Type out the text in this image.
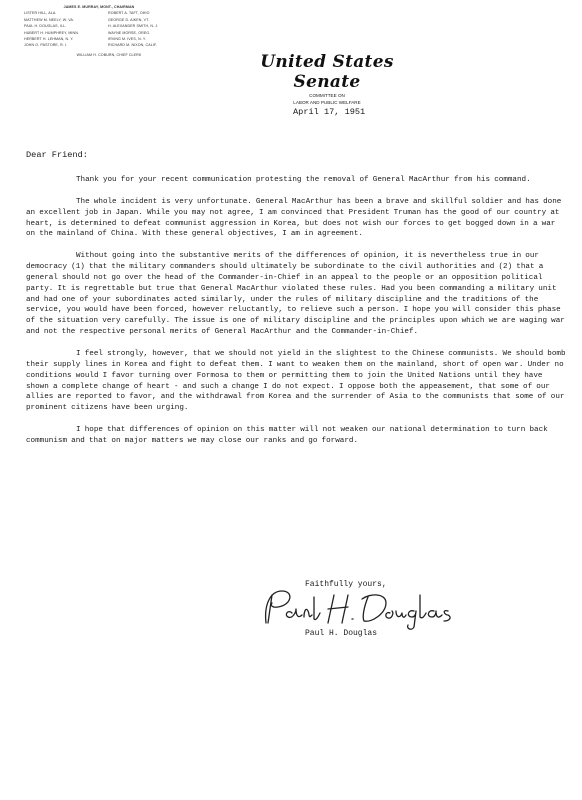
JAMES E. MURRAY, MONT., CHAIRMAN
LISTER HILL, ALA.
MATTHEW M. NEELY, W. VA.
PAUL H. DOUGLAS, ILL.
HUBERT H. HUMPHREY, MINN.
HERBERT H. LEHMAN, N. Y.
JOHN O. PASTORE, R. I.
ROBERT A. TAFT, OHIO
GEORGE D. AIKEN, VT.
H. ALEXANDER SMITH, N. J.
WAYNE MORSE, OREG.
IRVING M. IVES, N. Y.
RICHARD M. NIXON, CALIF.
WILLIAM H. COBURN, CHIEF CLERK	United States Senate
COMMITTEE ON
LABOR AND PUBLIC WELFARE
April 17, 1951

Dear Friend:

Thank you for your recent communication protesting the removal of General MacArthur from his command.

The whole incident is very unfortunate. General MacArthur has been a brave and skillful soldier and has done an excellent job in Japan. While you may not agree, I am convinced that President Truman has the good of our country at heart, is determined to defeat communist aggression in Korea, but does not wish our forces to get bogged down in a war on the mainland of China. With these general objectives, I am in agreement.

Without going into the substantive merits of the differences of opinion, it is nevertheless true in our democracy (1) that the military commanders should ultimately be subordinate to the civil authorities and (2) that a general should not go over the head of the Commander-in-Chief in an appeal to the people or an opposition political party. It is regrettable but true that General MacArthur violated these rules. Had you been commanding a military unit and had one of your subordinates acted similarly, under the rules of military discipline and the traditions of the service, you would have been forced, however reluctantly, to relieve such a person. I hope you will consider this phase of the situation very carefully. The issue is one of military discipline and the principles upon which we are waging war and not the respective personal merits of General MacArthur and the Commander-in-Chief.

I feel strongly, however, that we should not yield in the slightest to the Chinese communists. We should bomb their supply lines in Korea and fight to defeat them. I want to weaken them on the mainland, short of open war. Under no conditions would I favor turning over Formosa to them or permitting them to join the United Nations until they have shown a complete change of heart - and such a change I do not expect. I oppose both the appeasement, that some of our allies are reported to favor, and the withdrawal from Korea and the surrender of Asia to the communists that some of our prominent citizens have been urging.

I hope that differences of opinion on this matter will not weaken our national determination to turn back communism and that on major matters we may close our ranks and go forward.

Faithfully yours,
Paul H. Douglas
